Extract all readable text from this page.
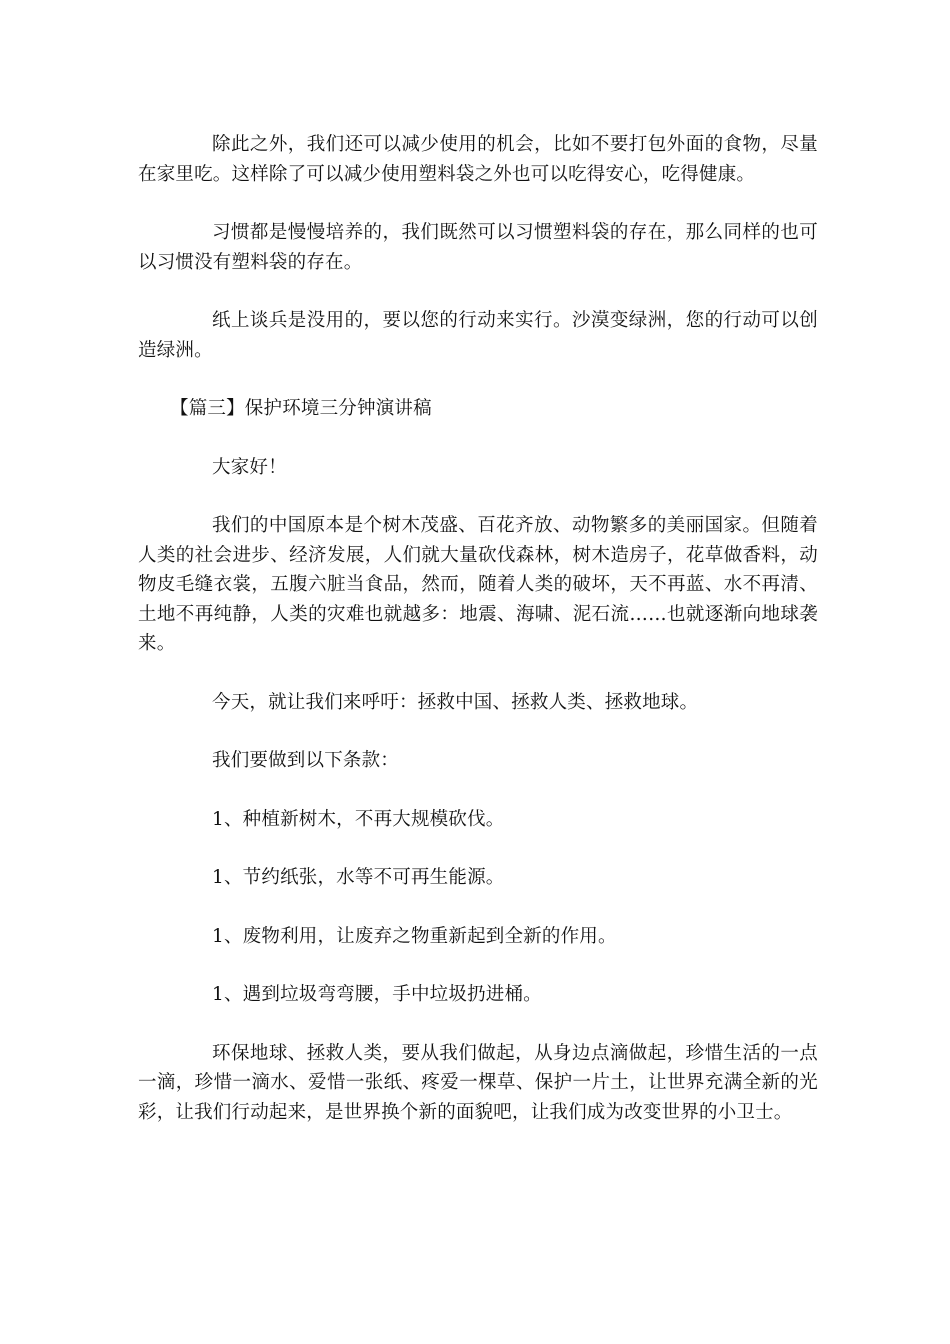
除此之外，我们还可以减少使用的机会，比如不要打包外面的食物，尽量在家里吃。这样除了可以减少使用塑料袋之外也可以吃得安心，吃得健康。

习惯都是慢慢培养的，我们既然可以习惯塑料袋的存在，那么同样的也可以习惯没有塑料袋的存在。

纸上谈兵是没用的，要以您的行动来实行。沙漠变绿洲，您的行动可以创造绿洲。

【篇三】保护环境三分钟演讲稿

大家好！

我们的中国原本是个树木茂盛、百花齐放、动物繁多的美丽国家。但随着人类的社会进步、经济发展，人们就大量砍伐森林，树木造房子，花草做香料，动物皮毛缝衣裳，五腹六脏当食品，然而，随着人类的破坏，天不再蓝、水不再清、土地不再纯静，人类的灾难也就越多：地震、海啸、泥石流……也就逐渐向地球袭来。

今天，就让我们来呼吁：拯救中国、拯救人类、拯救地球。

我们要做到以下条款：

1、种植新树木，不再大规模砍伐。

1、节约纸张，水等不可再生能源。

1、废物利用，让废弃之物重新起到全新的作用。

1、遇到垃圾弯弯腰，手中垃圾扔进桶。

环保地球、拯救人类，要从我们做起，从身边点滴做起，珍惜生活的一点一滴，珍惜一滴水、爱惜一张纸、疼爱一棵草、保护一片土，让世界充满全新的光彩，让我们行动起来，是世界换个新的面貌吧，让我们成为改变世界的小卫士。
